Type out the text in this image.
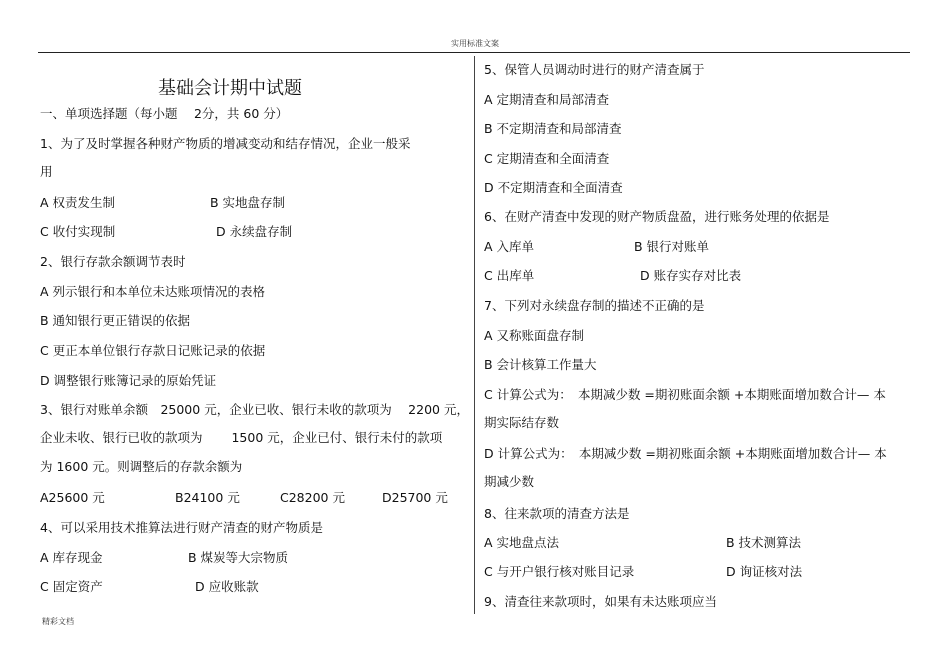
实用标准文案
基础会计期中试题
一、单项选择题（每小题　 2分，共 60 分）
1、为了及时掌握各种财产物质的增减变动和结存情况，企业一般采
用
A 权责发生制	B 实地盘存制
C 收付实现制	D 永续盘存制
2、银行存款余额调节表时
A 列示银行和本单位未达账项情况的表格
B 通知银行更正错误的依据
C 更正本单位银行存款日记账记录的依据
D 调整银行账簿记录的原始凭证
3、银行对账单余额　25000 元，企业已收、银行未收的款项为　 2200 元，
企业未收、银行已收的款项为　　 1500 元，企业已付、银行未付的款项
为 1600 元。则调整后的存款余额为
A25600 元	B24100 元	C28200 元	D25700 元
4、可以采用技术推算法进行财产清查的财产物质是
A 库存现金	B 煤炭等大宗物质
C 固定资产	D 应收账款
5、保管人员调动时进行的财产清查属于
A 定期清查和局部清查
B 不定期清查和局部清查
C 定期清查和全面清查
D 不定期清查和全面清查
6、在财产清查中发现的财产物质盘盈，进行账务处理的依据是
A 入库单	B 银行对账单
C 出库单	D 账存实存对比表
7、下列对永续盘存制的描述不正确的是
A 又称账面盘存制
B 会计核算工作量大
C 计算公式为：　本期减少数 =期初账面余额 +本期账面增加数合计— 本
期实际结存数
D 计算公式为：　本期减少数 =期初账面余额 +本期账面增加数合计— 本
期减少数
8、往来款项的清查方法是
A 实地盘点法	B 技术测算法
C 与开户银行核对账目记录	D 询证核对法
9、清查往来款项时，如果有未达账项应当
精彩文档
